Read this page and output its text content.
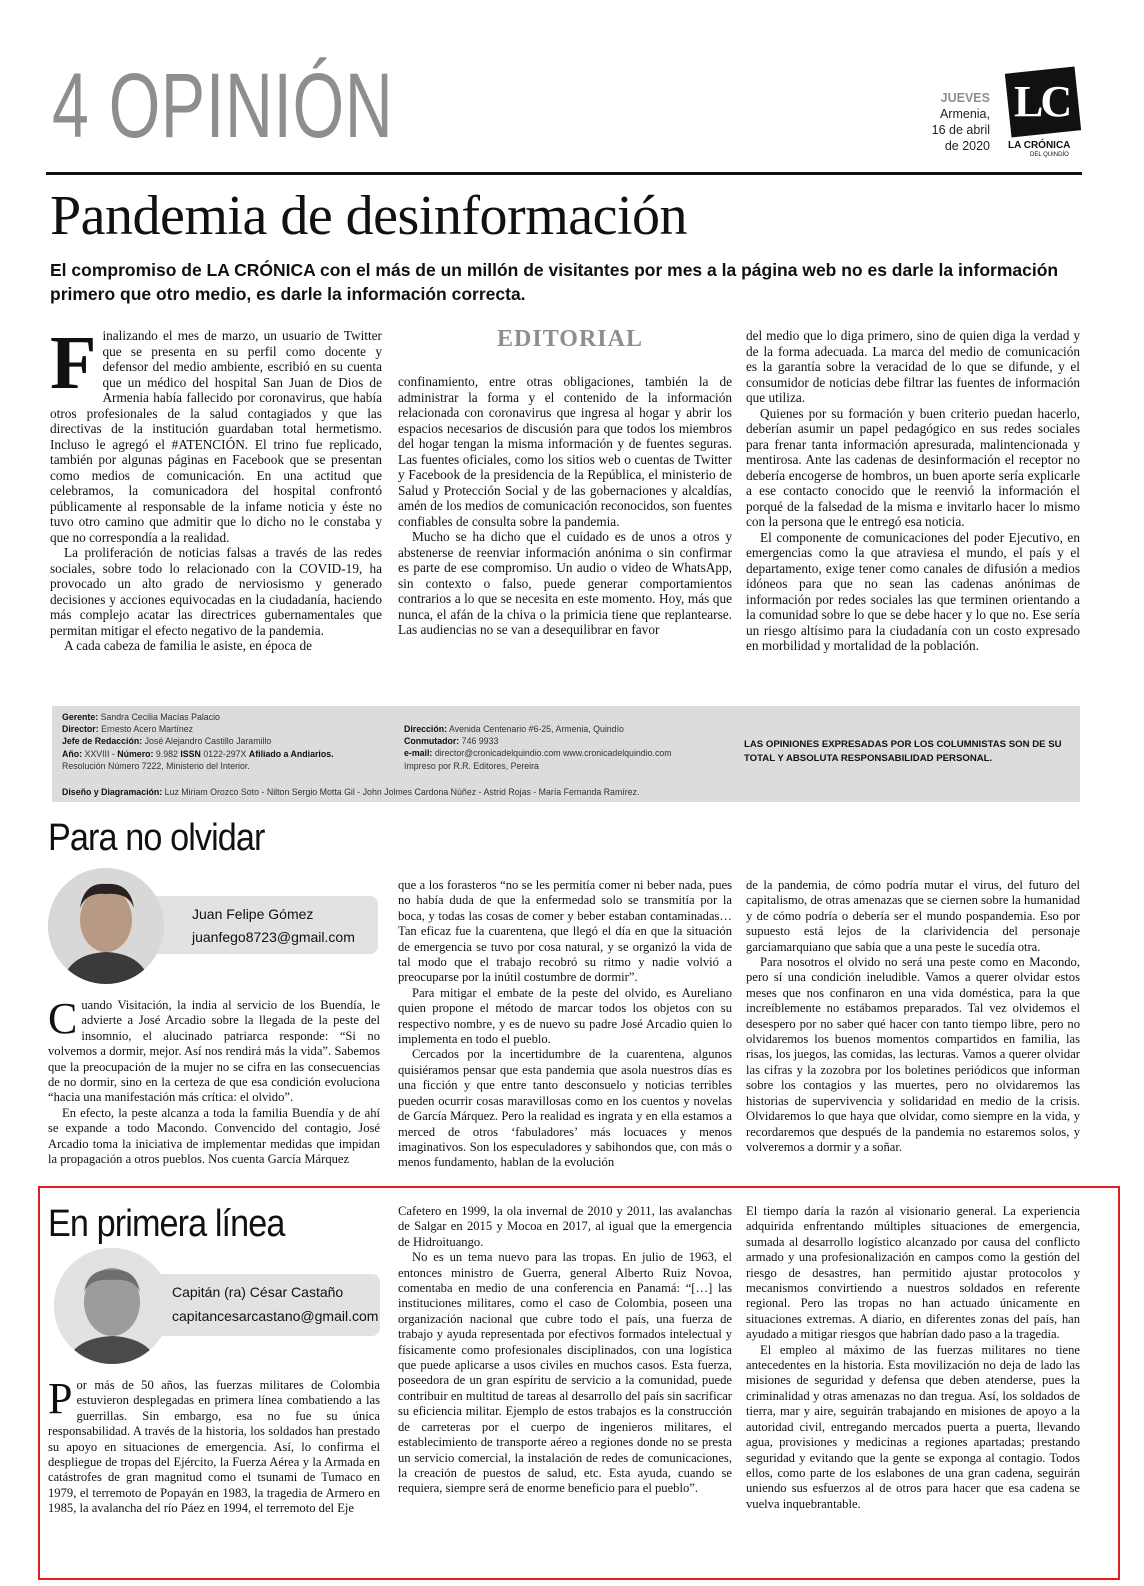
4 OPINIÓN	JUEVES
Armenia,
16 de abril
de 2020
LC
LA CRÓNICA
DEL QUINDÍO
Pandemia de desinformación
El compromiso de LA CRÓNICA con el más de un millón de visitantes por mes a la página web no es darle la información primero que otro medio, es darle la información correcta.

Finalizando el mes de marzo, un usuario de Twitter que se presenta en su perfil como docente y defensor del medio ambiente, escribió en su cuenta que un médico del hospital San Juan de Dios de Armenia había fallecido por coronavirus, que había otros profesionales de la salud contagiados y que las directivas de la institución guardaban total hermetismo. Incluso le agregó el #ATENCIÓN. El trino fue replicado, también por algunas páginas en Facebook que se presentan como medios de comunicación. En una actitud que celebramos, la comunicadora del hospital confrontó públicamente al responsable de la infame noticia y éste no tuvo otro camino que admitir que lo dicho no le constaba y que no correspondía a la realidad.

La proliferación de noticias falsas a través de las redes sociales, sobre todo lo relacionado con la COVID-19, ha provocado un alto grado de nerviosismo y generado decisiones y acciones equivocadas en la ciudadanía, haciendo más complejo acatar las directrices gubernamentales que permitan mitigar el efecto negativo de la pandemia.

A cada cabeza de familia le asiste, en época de

EDITORIAL

confinamiento, entre otras obligaciones, también la de administrar la forma y el contenido de la información relacionada con coronavirus que ingresa al hogar y abrir los espacios necesarios de discusión para que todos los miembros del hogar tengan la misma información y de fuentes seguras. Las fuentes oficiales, como los sitios web o cuentas de Twitter y Facebook de la presidencia de la República, el ministerio de Salud y Protección Social y de las gobernaciones y alcaldías, amén de los medios de comunicación reconocidos, son fuentes confiables de consulta sobre la pandemia.

Mucho se ha dicho que el cuidado es de unos a otros y abstenerse de reenviar información anónima o sin confirmar es parte de ese compromiso. Un audio o video de WhatsApp, sin contexto o falso, puede generar comportamientos contrarios a lo que se necesita en este momento. Hoy, más que nunca, el afán de la chiva o la primicia tiene que replantearse. Las audiencias no se van a desequilibrar en favor

del medio que lo diga primero, sino de quien diga la verdad y de la forma adecuada. La marca del medio de comunicación es la garantía sobre la veracidad de lo que se difunde, y el consumidor de noticias debe filtrar las fuentes de información que utiliza.

Quienes por su formación y buen criterio puedan hacerlo, deberían asumir un papel pedagógico en sus redes sociales para frenar tanta información apresurada, malintencionada y mentirosa. Ante las cadenas de desinformación el receptor no debería encogerse de hombros, un buen aporte sería explicarle a ese contacto conocido que le reenvió la información el porqué de la falsedad de la misma e invitarlo hacer lo mismo con la persona que le entregó esa noticia.

El componente de comunicaciones del poder Ejecutivo, en emergencias como la que atraviesa el mundo, el país y el departamento, exige tener como canales de difusión a medios idóneos para que no sean las cadenas anónimas de información por redes sociales las que terminen orientando a la comunidad sobre lo que se debe hacer y lo que no. Ese sería un riesgo altísimo para la ciudadanía con un costo expresado en morbilidad y mortalidad de la población.

Gerente: Sandra Cecilia Macías Palacio
Director: Ernesto Acero Martínez
Jefe de Redacción: José Alejandro Castillo Jaramillo
Año: XXVIII - Número: 9.982 ISSN 0122-297X Afiliado a Andiarios.
Resolución Número 7222, Ministerio del Interior.
Dirección: Avenida Centenario #6-25, Armenia, Quindío
Conmutador: 746 9933
e-mail: director@cronicadelquindio.com www.cronicadelquindio.com
Impreso por R.R. Editores, Pereira
LAS OPINIONES EXPRESADAS POR LOS COLUMNISTAS SON DE SU TOTAL Y ABSOLUTA RESPONSABILIDAD PERSONAL.
Diseño y Diagramación: Luz Miriam Orozco Soto - Nilton Sergio Motta Gil - John Jolmes Cardona Núñez - Astrid Rojas - María Fernanda Ramírez.
Para no olvidar
Juan Felipe Gómez
juanfego8723@gmail.com

Cuando Visitación, la india al servicio de los Buendía, le advierte a José Arcadio sobre la llegada de la peste del insomnio, el alucinado patriarca responde: “Si no volvemos a dormir, mejor. Así nos rendirá más la vida”. Sabemos que la preocupación de la mujer no se cifra en las consecuencias de no dormir, sino en la certeza de que esa condición evoluciona “hacia una manifestación más crítica: el olvido”.

En efecto, la peste alcanza a toda la familia Buendía y de ahí se expande a todo Macondo. Convencido del contagio, José Arcadio toma la iniciativa de implementar medidas que impidan la propagación a otros pueblos. Nos cuenta García Márquez

que a los forasteros “no se les permitía comer ni beber nada, pues no había duda de que la enfermedad solo se transmitía por la boca, y todas las cosas de comer y beber estaban contaminadas… Tan eficaz fue la cuarentena, que llegó el día en que la situación de emergencia se tuvo por cosa natural, y se organizó la vida de tal modo que el trabajo recobró su ritmo y nadie volvió a preocuparse por la inútil costumbre de dormir”.

Para mitigar el embate de la peste del olvido, es Aureliano quien propone el método de marcar todos los objetos con su respectivo nombre, y es de nuevo su padre José Arcadio quien lo implementa en todo el pueblo.

Cercados por la incertidumbre de la cuarentena, algunos quisiéramos pensar que esta pandemia que asola nuestros días es una ficción y que entre tanto desconsuelo y noticias terribles pueden ocurrir cosas maravillosas como en los cuentos y novelas de García Márquez. Pero la realidad es ingrata y en ella estamos a merced de otros ‘fabuladores’ más locuaces y menos imaginativos. Son los especuladores y sabihondos que, con más o menos fundamento, hablan de la evolución

de la pandemia, de cómo podría mutar el virus, del futuro del capitalismo, de otras amenazas que se ciernen sobre la humanidad y de cómo podría o debería ser el mundo pospandemia. Eso por supuesto está lejos de la clarividencia del personaje garciamarquiano que sabía que a una peste le sucedía otra.

Para nosotros el olvido no será una peste como en Macondo, pero sí una condición ineludible. Vamos a querer olvidar estos meses que nos confinaron en una vida doméstica, para la que increíblemente no estábamos preparados. Tal vez olvidemos el desespero por no saber qué hacer con tanto tiempo libre, pero no olvidaremos los buenos momentos compartidos en familia, las risas, los juegos, las comidas, las lecturas. Vamos a querer olvidar las cifras y la zozobra por los boletines periódicos que informan sobre los contagios y las muertes, pero no olvidaremos las historias de supervivencia y solidaridad en medio de la crisis. Olvidaremos lo que haya que olvidar, como siempre en la vida, y recordaremos que después de la pandemia no estaremos solos, y volveremos a dormir y a soñar.

En primera línea
Capitán (ra) César Castaño
capitancesarcastano@gmail.com

Por más de 50 años, las fuerzas militares de Colombia estuvieron desplegadas en primera línea combatiendo a las guerrillas. Sin embargo, esa no fue su única responsabilidad. A través de la historia, los soldados han prestado su apoyo en situaciones de emergencia. Así, lo confirma el despliegue de tropas del Ejército, la Fuerza Aérea y la Armada en catástrofes de gran magnitud como el tsunami de Tumaco en 1979, el terremoto de Popayán en 1983, la tragedia de Armero en 1985, la avalancha del río Páez en 1994, el terremoto del Eje

Cafetero en 1999, la ola invernal de 2010 y 2011, las avalanchas de Salgar en 2015 y Mocoa en 2017, al igual que la emergencia de Hidroituango.

No es un tema nuevo para las tropas. En julio de 1963, el entonces ministro de Guerra, general Alberto Ruiz Novoa, comentaba en medio de una conferencia en Panamá: “[…] las instituciones militares, como el caso de Colombia, poseen una organización nacional que cubre todo el país, una fuerza de trabajo y ayuda representada por efectivos formados intelectual y físicamente como profesionales disciplinados, con una logística que puede aplicarse a usos civiles en muchos casos. Esta fuerza, poseedora de un gran espíritu de servicio a la comunidad, puede contribuir en multitud de tareas al desarrollo del país sin sacrificar su eficiencia militar. Ejemplo de estos trabajos es la construcción de carreteras por el cuerpo de ingenieros militares, el establecimiento de transporte aéreo a regiones donde no se presta un servicio comercial, la instalación de redes de comunicaciones, la creación de puestos de salud, etc. Esta ayuda, cuando se requiera, siempre será de enorme beneficio para el pueblo”.

El tiempo daría la razón al visionario general. La experiencia adquirida enfrentando múltiples situaciones de emergencia, sumada al desarrollo logístico alcanzado por causa del conflicto armado y una profesionalización en campos como la gestión del riesgo de desastres, han permitido ajustar protocolos y mecanismos convirtiendo a nuestros soldados en referente regional. Pero las tropas no han actuado únicamente en situaciones extremas. A diario, en diferentes zonas del país, han ayudado a mitigar riesgos que habrían dado paso a la tragedia.

El empleo al máximo de las fuerzas militares no tiene antecedentes en la historia. Esta movilización no deja de lado las misiones de seguridad y defensa que deben atenderse, pues la criminalidad y otras amenazas no dan tregua. Así, los soldados de tierra, mar y aire, seguirán trabajando en misiones de apoyo a la autoridad civil, entregando mercados puerta a puerta, llevando agua, provisiones y medicinas a regiones apartadas; prestando seguridad y evitando que la gente se exponga al contagio. Todos ellos, como parte de los eslabones de una gran cadena, seguirán uniendo sus esfuerzos al de otros para hacer que esa cadena se vuelva inquebrantable.
